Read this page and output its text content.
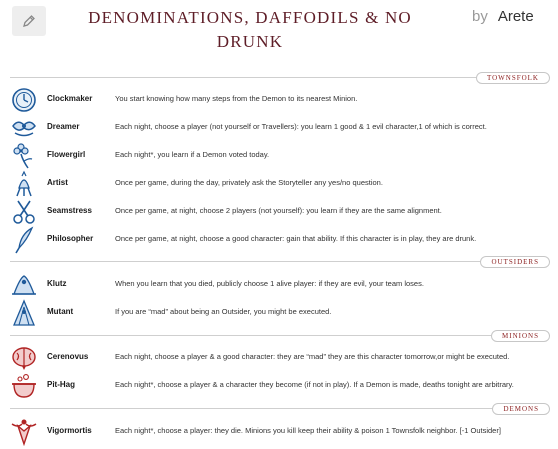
DENOMINATIONS, DAFFODILS & NO
DRUNK
by Arete
TOWNSFOLK
Clockmaker	You start knowing how many steps from the Demon to its nearest Minion.
Dreamer	Each night, choose a player (not yourself or Travellers): you learn 1 good & 1 evil character,1 of which is correct.
Flowergirl	Each night*, you learn if a Demon voted today.
Artist	Once per game, during the day, privately ask the Storyteller any yes/no question.
Seamstress	Once per game, at night, choose 2 players (not yourself): you learn if they are the same alignment.
Philosopher	Once per game, at night, choose a good character: gain that ability. If this character is in play, they are drunk.
OUTSIDERS
Klutz	When you learn that you died, publicly choose 1 alive player: if they are evil, your team loses.
Mutant	If you are “mad” about being an Outsider, you might be executed.
MINIONS
Cerenovus	Each night, choose a player & a good character: they are “mad” they are this character tomorrow,or might be executed.
Pit-Hag	Each night*, choose a player & a character they become (if not in play). If a Demon is made, deaths tonight are arbitrary.
DEMONS
Vigormortis	Each night*, choose a player: they die. Minions you kill keep their ability & poison 1 Townsfolk neighbor. [-1 Outsider]
